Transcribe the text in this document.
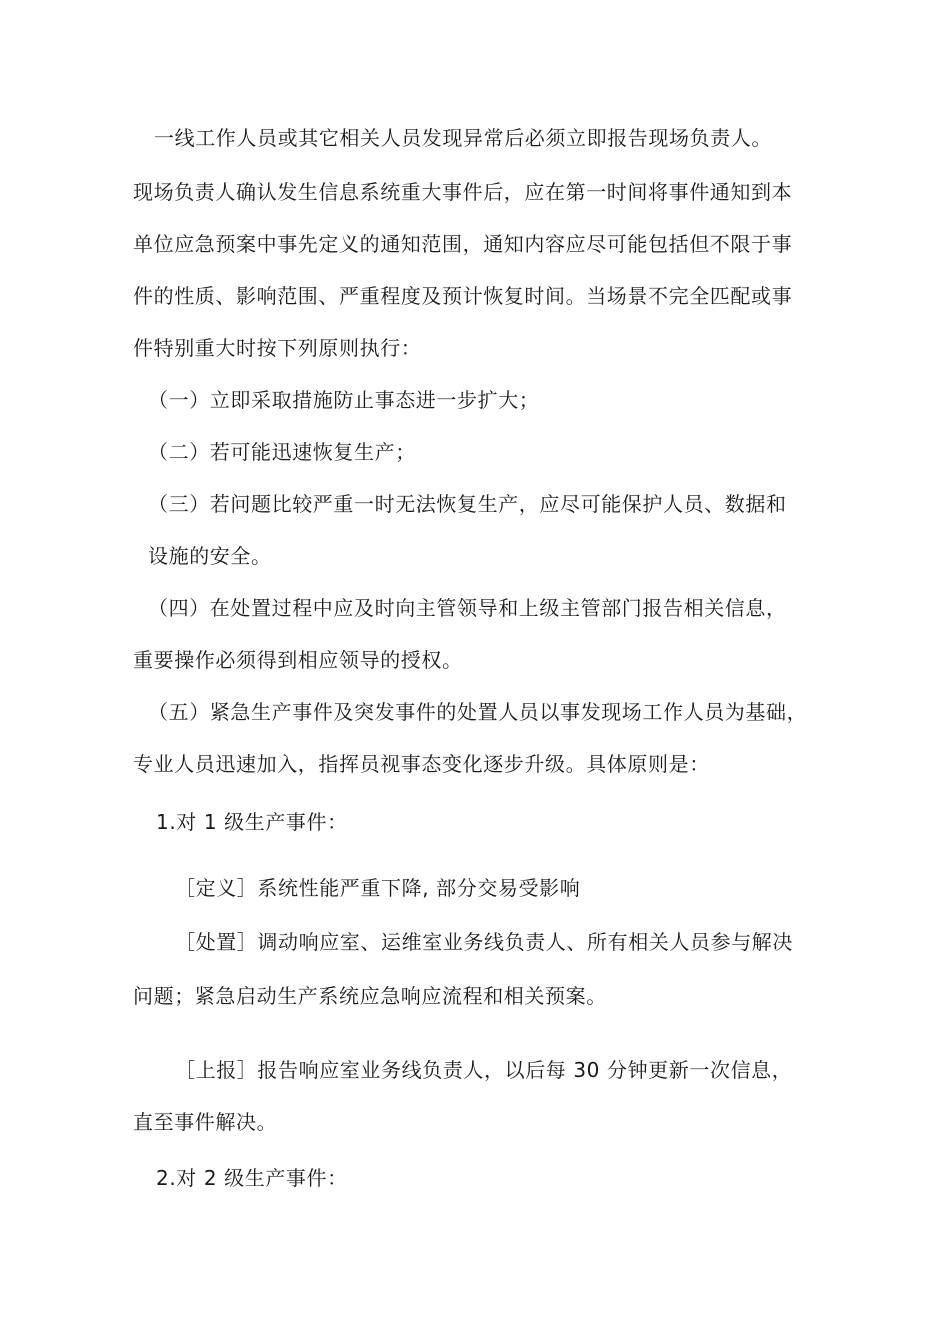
一线工作人员或其它相关人员发现异常后必须立即报告现场负责人。
现场负责人确认发生信息系统重大事件后，应在第一时间将事件通知到本
单位应急预案中事先定义的通知范围，通知内容应尽可能包括但不限于事
件的性质、影响范围、严重程度及预计恢复时间。当场景不完全匹配或事
件特别重大时按下列原则执行：
（一）立即采取措施防止事态进一步扩大；
（二）若可能迅速恢复生产；
（三）若问题比较严重一时无法恢复生产，应尽可能保护人员、数据和
设施的安全。
（四）在处置过程中应及时向主管领导和上级主管部门报告相关信息，
重要操作必须得到相应领导的授权。
（五）紧急生产事件及突发事件的处置人员以事发现场工作人员为基础，
专业人员迅速加入，指挥员视事态变化逐步升级。具体原则是：
1.对 1 级生产事件：
［定义］系统性能严重下降, 部分交易受影响
［处置］调动响应室、运维室业务线负责人、所有相关人员参与解决
问题；紧急启动生产系统应急响应流程和相关预案。
［上报］报告响应室业务线负责人，以后每 30 分钟更新一次信息，
直至事件解决。
2.对 2 级生产事件：
